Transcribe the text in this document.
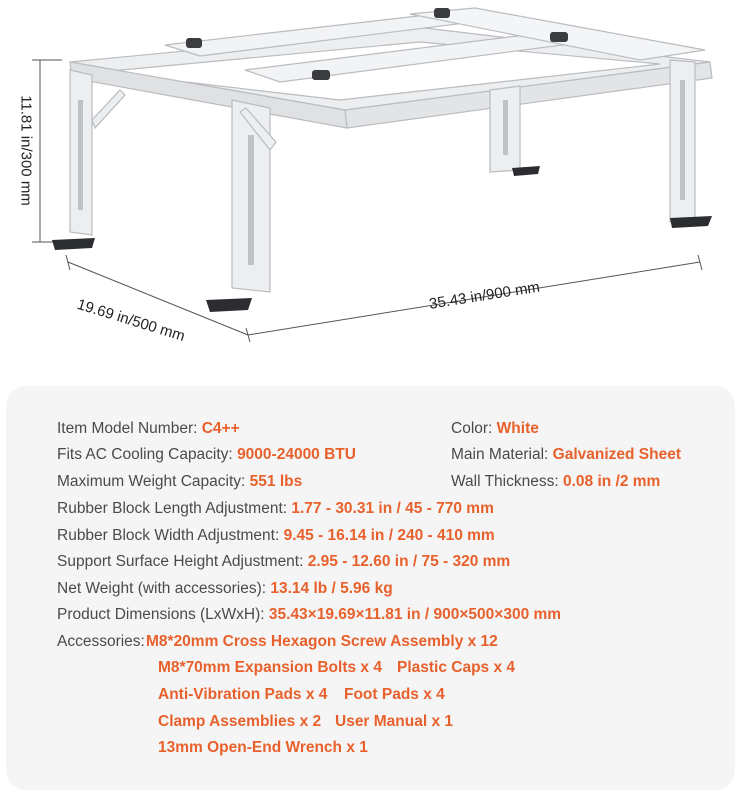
11.81 in/300 mm
19.69 in/500 mm
35.43 in/900 mm
Item Model Number: C4++	Color: White
Fits AC Cooling Capacity: 9000-24000 BTU	Main Material: Galvanized Sheet
Maximum Weight Capacity: 551 lbs	Wall Thickness: 0.08 in /2 mm
Rubber Block Length Adjustment: 1.77 - 30.31 in / 45 - 770 mm
Rubber Block Width Adjustment: 9.45 - 16.14 in / 240 - 410 mm
Support Surface Height Adjustment: 2.95 - 12.60 in / 75 - 320 mm
Net Weight (with accessories): 13.14 lb / 5.96 kg
Product Dimensions (LxWxH): 35.43×19.69×11.81 in / 900×500×300 mm
Accessories: M8*20mm Cross Hexagon Screw Assembly x 12
M8*70mm Expansion Bolts x 4 Plastic Caps x 4
Anti-Vibration Pads x 4 Foot Pads x 4
Clamp Assemblies x 2 User Manual x 1
13mm Open-End Wrench x 1
